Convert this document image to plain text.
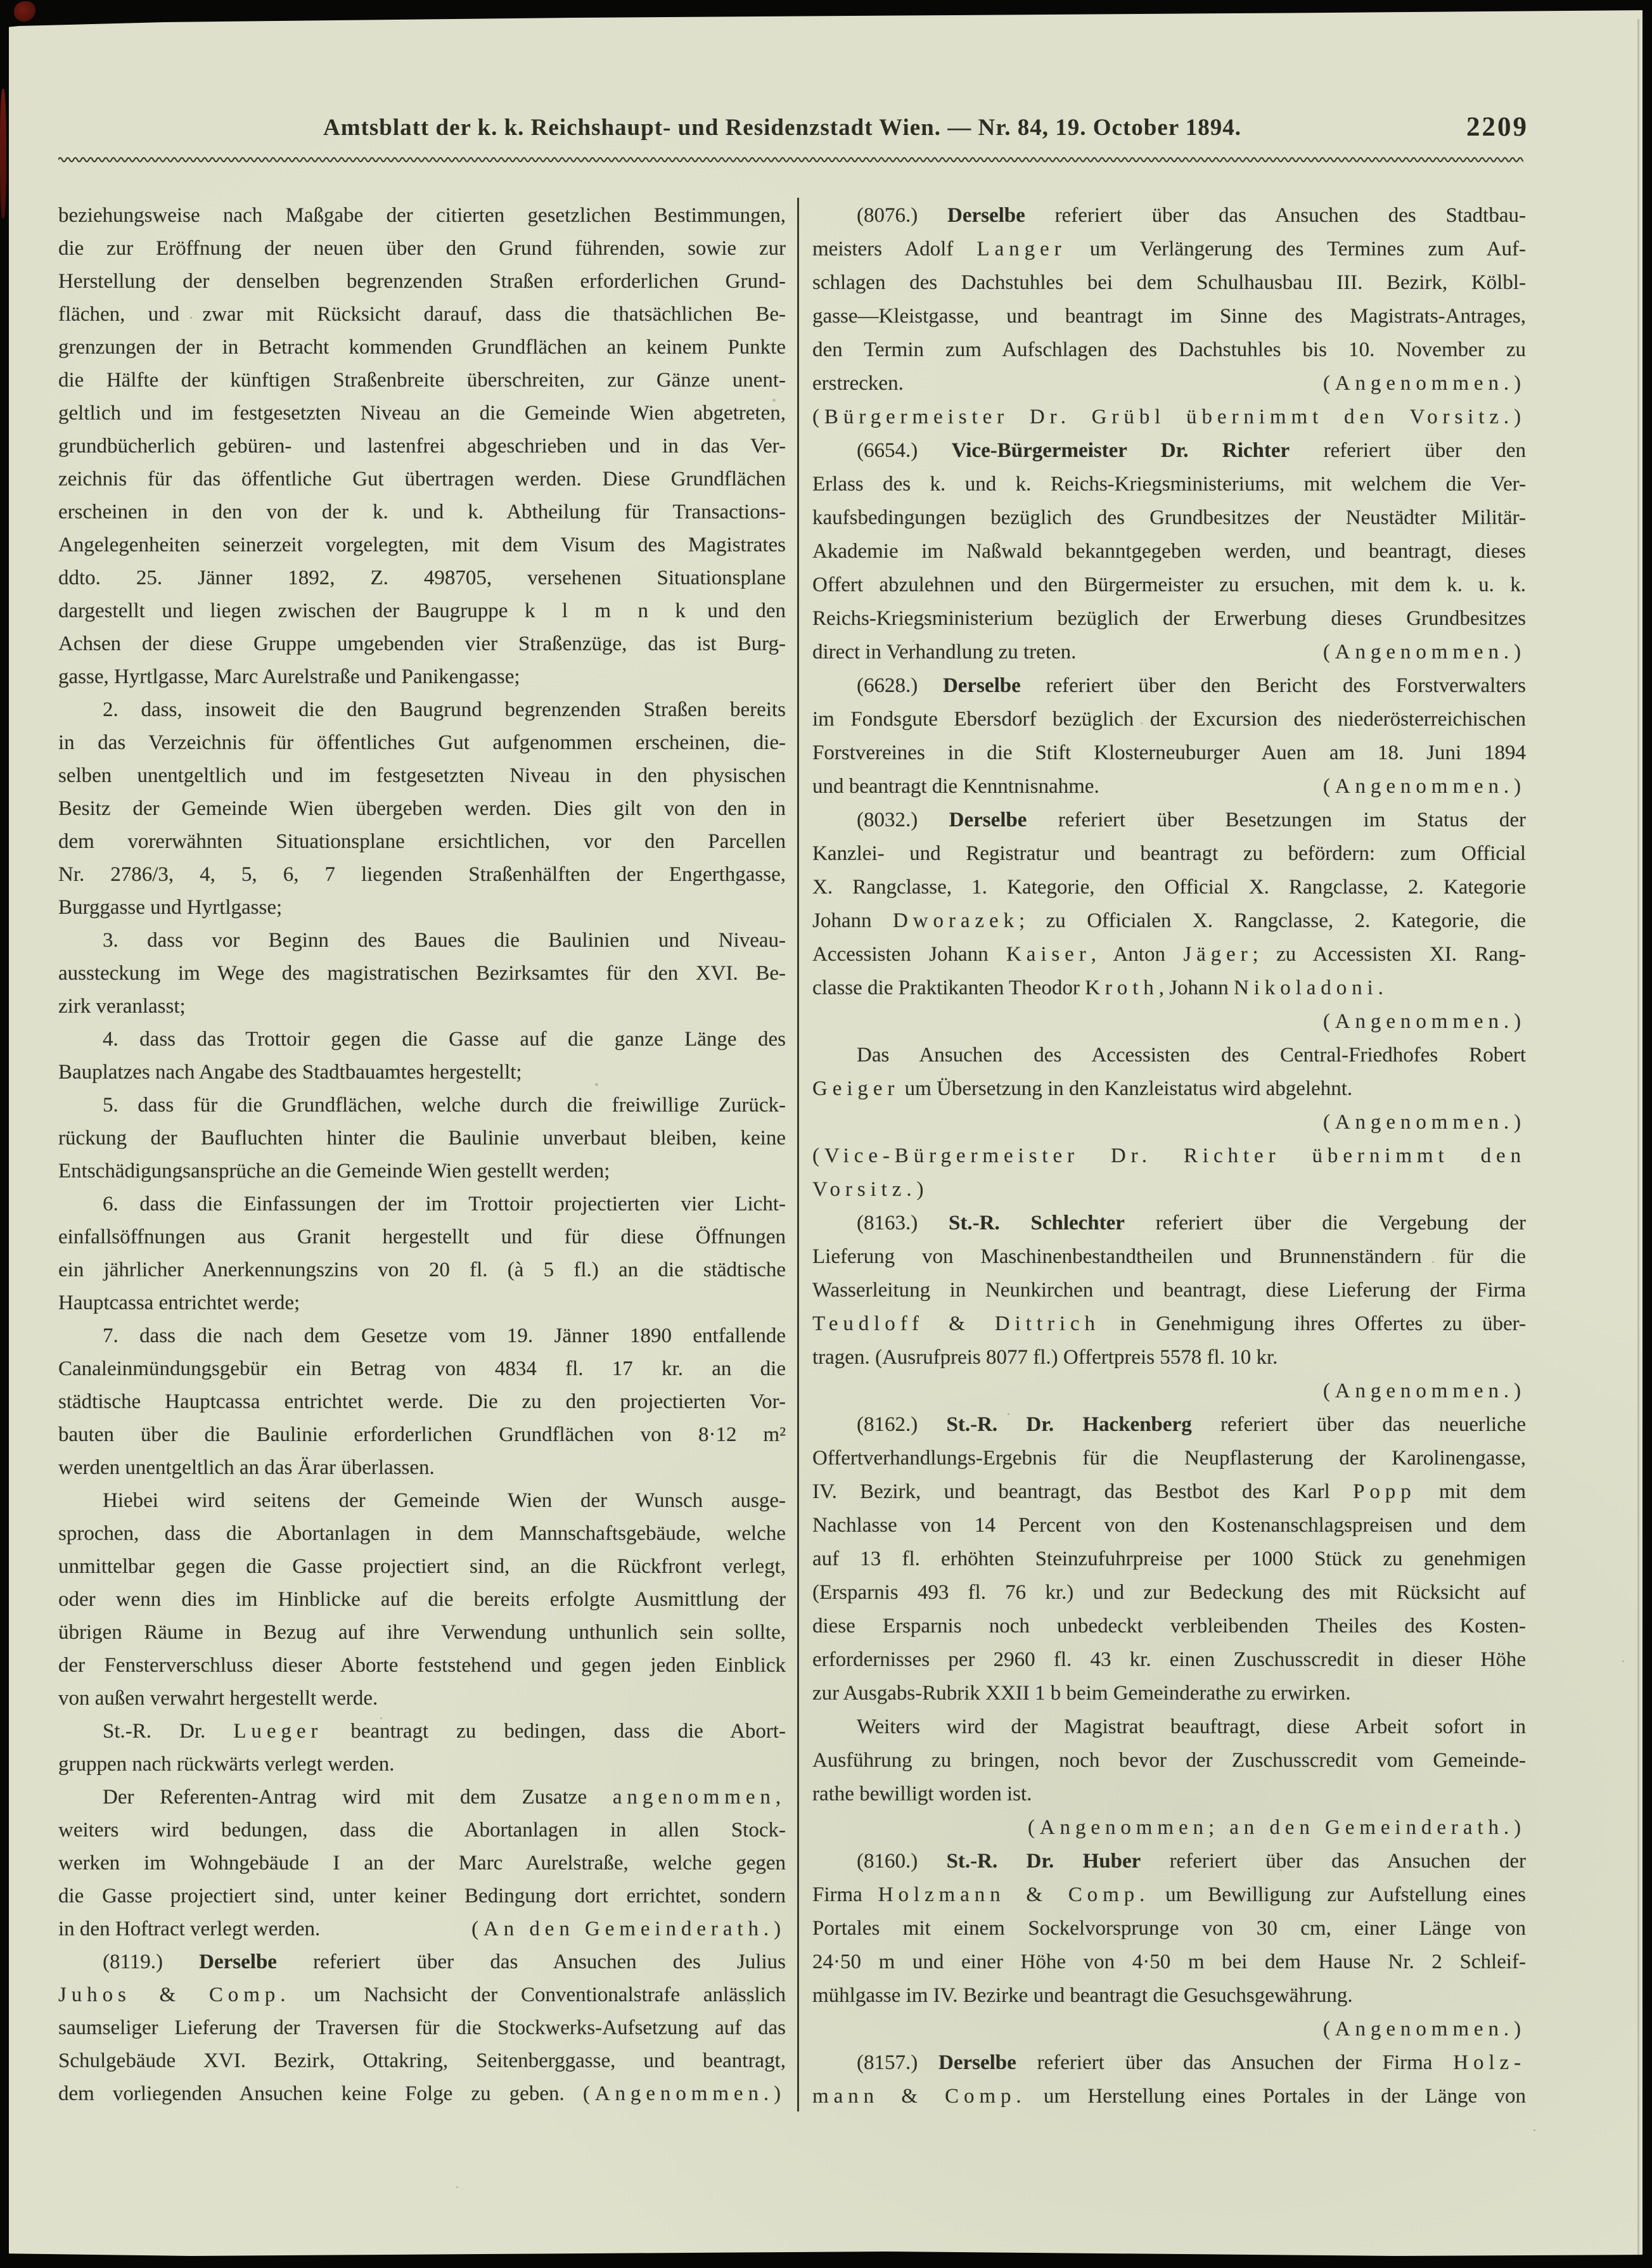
Amtsblatt der k. k. Reichshaupt- und Residenzstadt Wien. — Nr. 84, 19. October 1894.	2209
beziehungsweise nach Maßgabe der citierten gesetzlichen Bestimmungen,
die zur Eröffnung der neuen über den Grund führenden, sowie zur
Herstellung der denselben begrenzenden Straßen erforderlichen Grund-
flächen, und zwar mit Rücksicht darauf, dass die thatsächlichen Be-
grenzungen der in Betracht kommenden Grundflächen an keinem Punkte
die Hälfte der künftigen Straßenbreite überschreiten, zur Gänze unent-
geltlich und im festgesetzten Niveau an die Gemeinde Wien abgetreten,
grundbücherlich gebüren- und lastenfrei abgeschrieben und in das Ver-
zeichnis für das öffentliche Gut übertragen werden. Diese Grundflächen
erscheinen in den von der k. und k. Abtheilung für Transactions-
Angelegenheiten seinerzeit vorgelegten, mit dem Visum des Magistrates
ddto. 25. Jänner 1892, Z. 498705, versehenen Situationsplane
dargestellt und liegen zwischen der Baugruppe k l m n k und den
Achsen der diese Gruppe umgebenden vier Straßenzüge, das ist Burg-
gasse, Hyrtlgasse, Marc Aurelstraße und Panikengasse;
2. dass, insoweit die den Baugrund begrenzenden Straßen bereits
in das Verzeichnis für öffentliches Gut aufgenommen erscheinen, die-
selben unentgeltlich und im festgesetzten Niveau in den physischen
Besitz der Gemeinde Wien übergeben werden. Dies gilt von den in
dem vorerwähnten Situationsplane ersichtlichen, vor den Parcellen
Nr. 2786/3, 4, 5, 6, 7 liegenden Straßenhälften der Engerthgasse,
Burggasse und Hyrtlgasse;
3. dass vor Beginn des Baues die Baulinien und Niveau-
aussteckung im Wege des magistratischen Bezirksamtes für den XVI. Be-
zirk veranlasst;
4. dass das Trottoir gegen die Gasse auf die ganze Länge des
Bauplatzes nach Angabe des Stadtbauamtes hergestellt;
5. dass für die Grundflächen, welche durch die freiwillige Zurück-
rückung der Baufluchten hinter die Baulinie unverbaut bleiben, keine
Entschädigungsansprüche an die Gemeinde Wien gestellt werden;
6. dass die Einfassungen der im Trottoir projectierten vier Licht-
einfallsöffnungen aus Granit hergestellt und für diese Öffnungen
ein jährlicher Anerkennungszins von 20 fl. (à 5 fl.) an die städtische
Hauptcassa entrichtet werde;
7. dass die nach dem Gesetze vom 19. Jänner 1890 entfallende
Canaleinmündungsgebür ein Betrag von 4834 fl. 17 kr. an die
städtische Hauptcassa entrichtet werde. Die zu den projectierten Vor-
bauten über die Baulinie erforderlichen Grundflächen von 8·12 m²
werden unentgeltlich an das Ärar überlassen.
Hiebei wird seitens der Gemeinde Wien der Wunsch ausge-
sprochen, dass die Abortanlagen in dem Mannschaftsgebäude, welche
unmittelbar gegen die Gasse projectiert sind, an die Rückfront verlegt,
oder wenn dies im Hinblicke auf die bereits erfolgte Ausmittlung der
übrigen Räume in Bezug auf ihre Verwendung unthunlich sein sollte,
der Fensterverschluss dieser Aborte feststehend und gegen jeden Einblick
von außen verwahrt hergestellt werde.
St.-R. Dr. Lueger beantragt zu bedingen, dass die Abort-
gruppen nach rückwärts verlegt werden.
Der Referenten-Antrag wird mit dem Zusatze angenommen,
weiters wird bedungen, dass die Abortanlagen in allen Stock-
werken im Wohngebäude I an der Marc Aurelstraße, welche gegen
die Gasse projectiert sind, unter keiner Bedingung dort errichtet, sondern
in den Hoftract verlegt werden.	(An den Gemeinderath.)
(8119.) Derselbe referiert über das Ansuchen des Julius
Juhos & Comp. um Nachsicht der Conventionalstrafe anlässlich
saumseliger Lieferung der Traversen für die Stockwerks-Aufsetzung auf das
Schulgebäude XVI. Bezirk, Ottakring, Seitenberggasse, und beantragt,
dem vorliegenden Ansuchen keine Folge zu geben. (Angenommen.)
(8076.) Derselbe referiert über das Ansuchen des Stadtbau-
meisters Adolf Langer um Verlängerung des Termines zum Auf-
schlagen des Dachstuhles bei dem Schulhausbau III. Bezirk, Kölbl-
gasse—Kleistgasse, und beantragt im Sinne des Magistrats-Antrages,
den Termin zum Aufschlagen des Dachstuhles bis 10. November zu
erstrecken.	(Angenommen.)
(Bürgermeister Dr. Grübl übernimmt den Vorsitz.)
(6654.) Vice-Bürgermeister Dr. Richter referiert über den
Erlass des k. und k. Reichs-Kriegsministeriums, mit welchem die Ver-
kaufsbedingungen bezüglich des Grundbesitzes der Neustädter Militär-
Akademie im Naßwald bekanntgegeben werden, und beantragt, dieses
Offert abzulehnen und den Bürgermeister zu ersuchen, mit dem k. u. k.
Reichs-Kriegsministerium bezüglich der Erwerbung dieses Grundbesitzes
direct in Verhandlung zu treten.	(Angenommen.)
(6628.) Derselbe referiert über den Bericht des Forstverwalters
im Fondsgute Ebersdorf bezüglich der Excursion des niederösterreichischen
Forstvereines in die Stift Klosterneuburger Auen am 18. Juni 1894
und beantragt die Kenntnisnahme.	(Angenommen.)
(8032.) Derselbe referiert über Besetzungen im Status der
Kanzlei- und Registratur und beantragt zu befördern: zum Official
X. Rangclasse, 1. Kategorie, den Official X. Rangclasse, 2. Kategorie
Johann Dworazek; zu Officialen X. Rangclasse, 2. Kategorie, die
Accessisten Johann Kaiser, Anton Jäger; zu Accessisten XI. Rang-
classe die Praktikanten Theodor Kroth, Johann Nikoladoni.
(Angenommen.)
Das Ansuchen des Accessisten des Central-Friedhofes Robert
Geiger um Übersetzung in den Kanzleistatus wird abgelehnt.
(Angenommen.)
(Vice-Bürgermeister Dr. Richter übernimmt den
Vorsitz.)
(8163.) St.-R. Schlechter referiert über die Vergebung der
Lieferung von Maschinenbestandtheilen und Brunnenständern für die
Wasserleitung in Neunkirchen und beantragt, diese Lieferung der Firma
Teudloff & Dittrich in Genehmigung ihres Offertes zu über-
tragen. (Ausrufpreis 8077 fl.) Offertpreis 5578 fl. 10 kr.
(Angenommen.)
(8162.) St.-R. Dr. Hackenberg referiert über das neuerliche
Offertverhandlungs-Ergebnis für die Neupflasterung der Karolinengasse,
IV. Bezirk, und beantragt, das Bestbot des Karl Popp mit dem
Nachlasse von 14 Percent von den Kostenanschlagspreisen und dem
auf 13 fl. erhöhten Steinzufuhrpreise per 1000 Stück zu genehmigen
(Ersparnis 493 fl. 76 kr.) und zur Bedeckung des mit Rücksicht auf
diese Ersparnis noch unbedeckt verbleibenden Theiles des Kosten-
erfordernisses per 2960 fl. 43 kr. einen Zuschusscredit in dieser Höhe
zur Ausgabs-Rubrik XXII 1 b beim Gemeinderathe zu erwirken.
Weiters wird der Magistrat beauftragt, diese Arbeit sofort in
Ausführung zu bringen, noch bevor der Zuschusscredit vom Gemeinde-
rathe bewilligt worden ist.
(Angenommen; an den Gemeinderath.)
(8160.) St.-R. Dr. Huber referiert über das Ansuchen der
Firma Holzmann & Comp. um Bewilligung zur Aufstellung eines
Portales mit einem Sockelvorsprunge von 30 cm, einer Länge von
24·50 m und einer Höhe von 4·50 m bei dem Hause Nr. 2 Schleif-
mühlgasse im IV. Bezirke und beantragt die Gesuchsgewährung.
(Angenommen.)
(8157.) Derselbe referiert über das Ansuchen der Firma Holz-
mann & Comp. um Herstellung eines Portales in der Länge von
